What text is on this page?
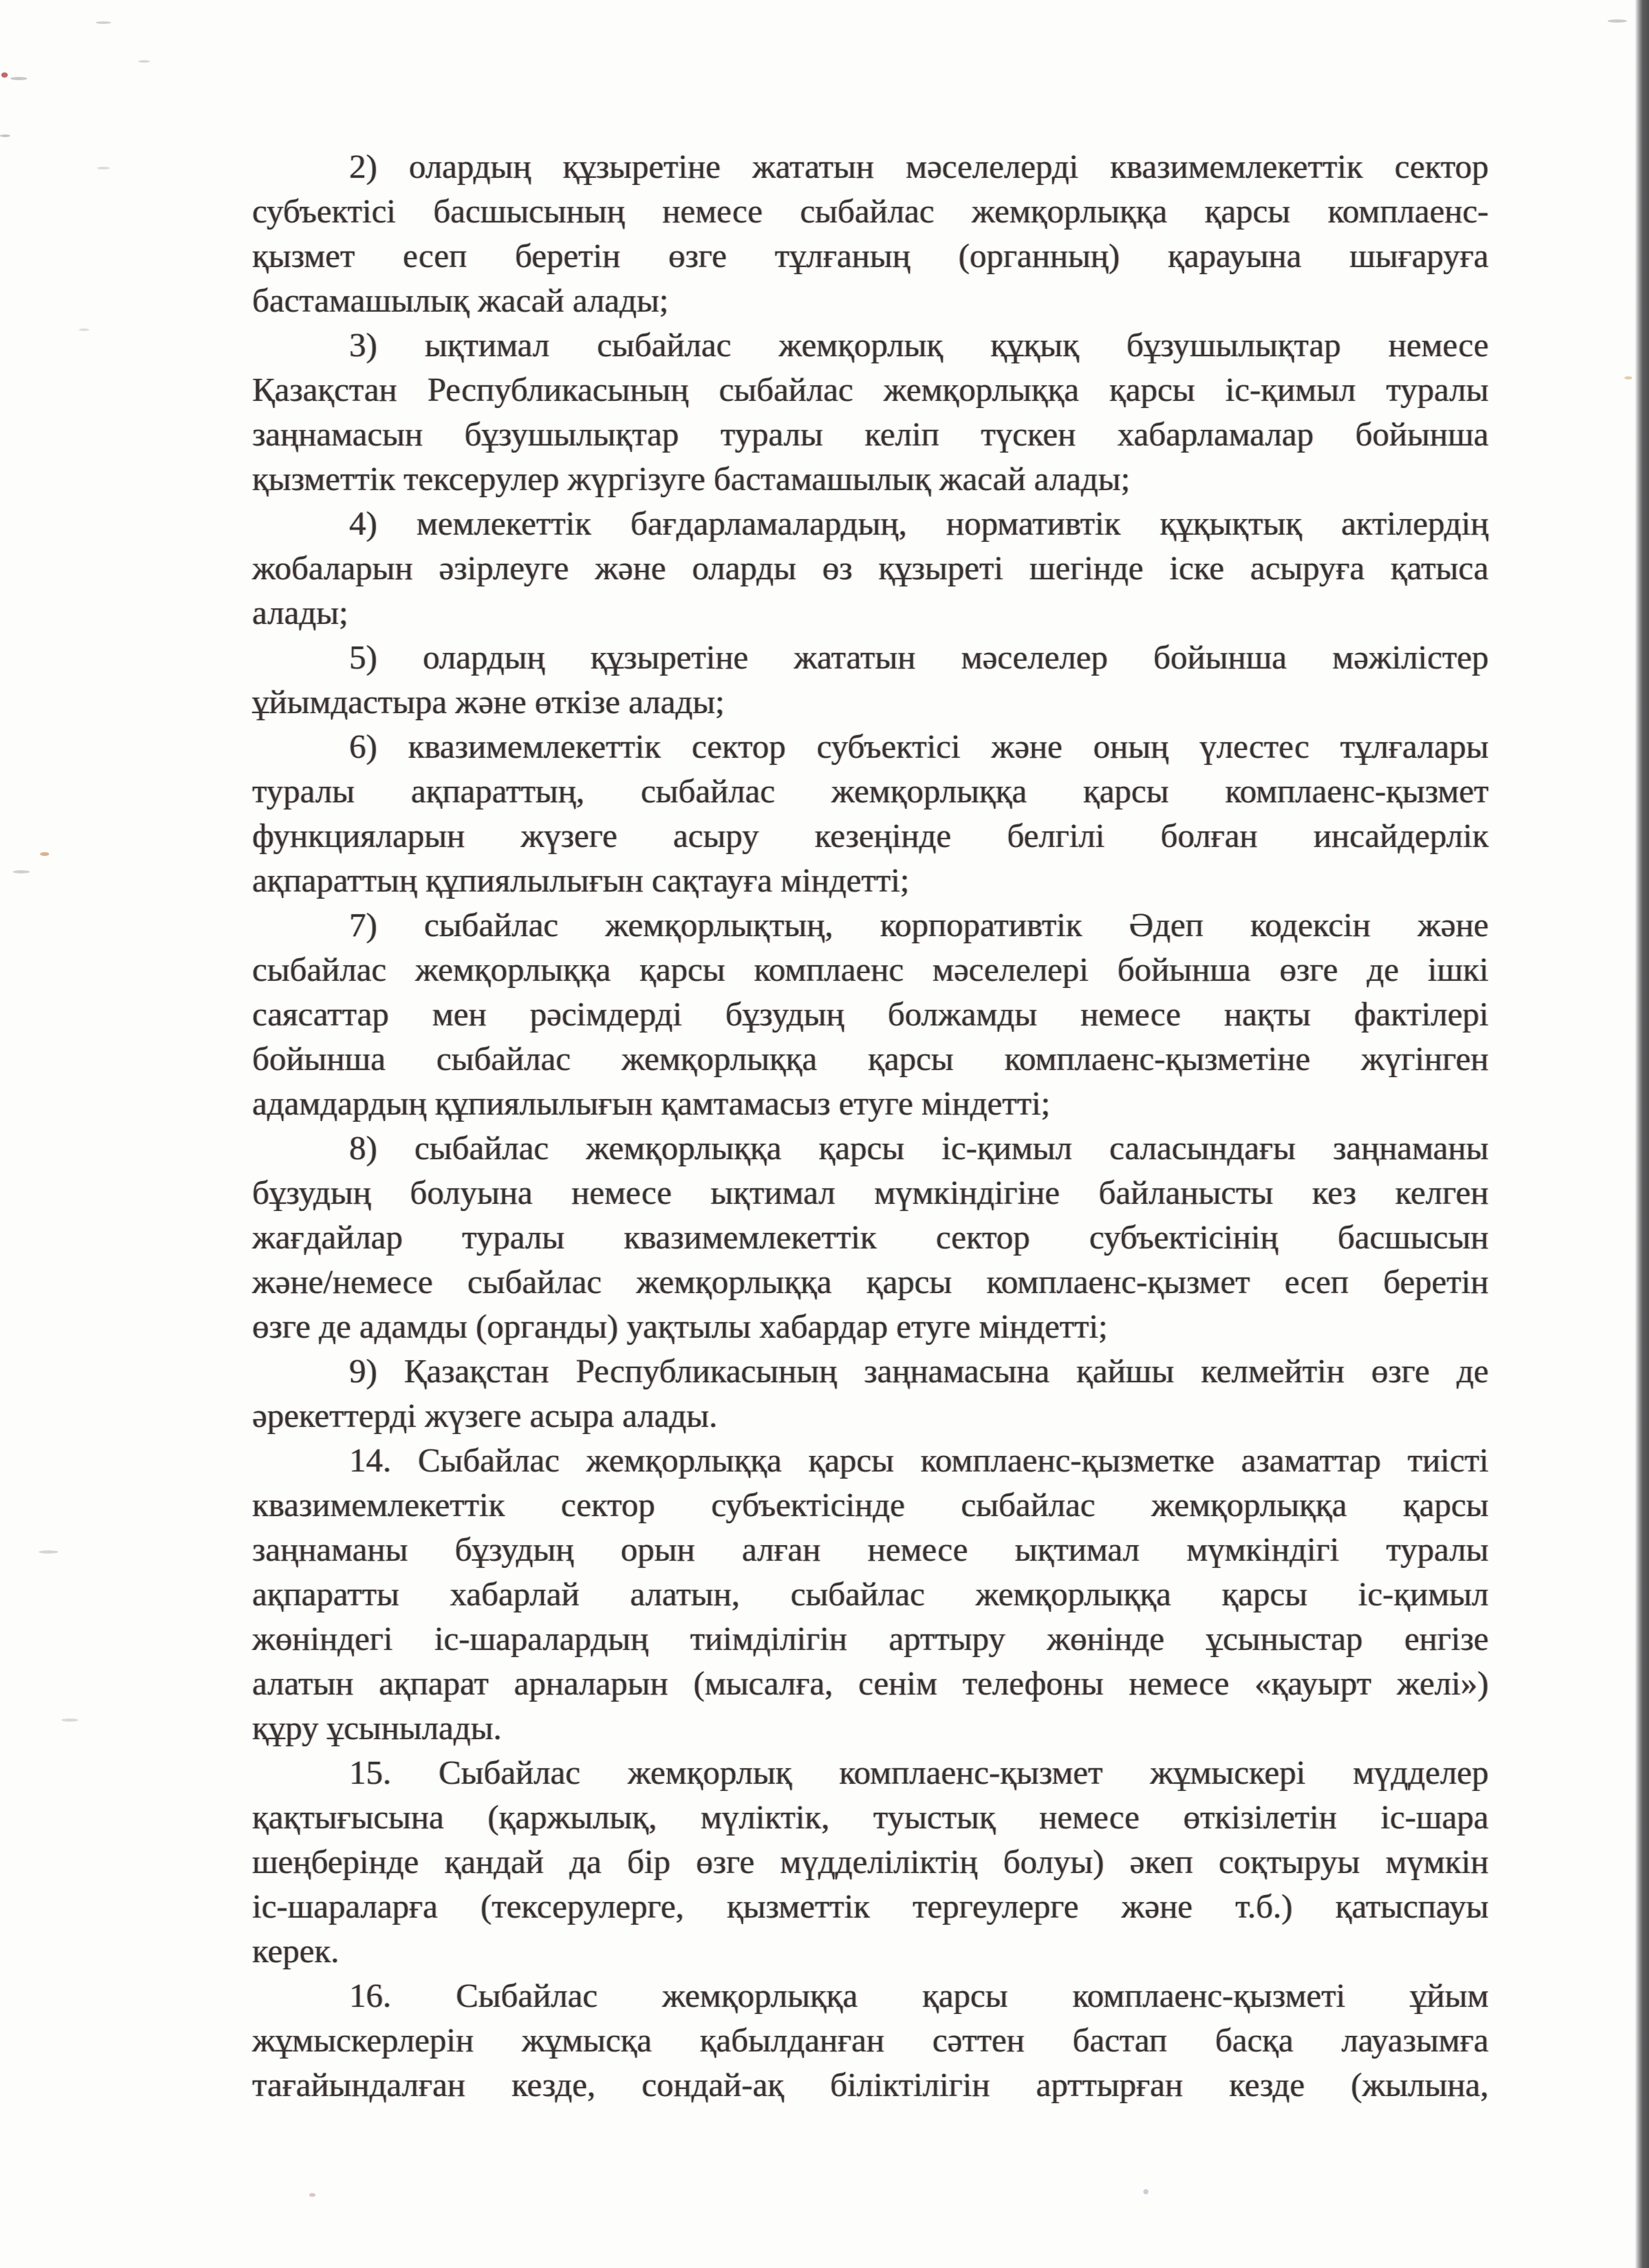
2) олардың құзыретіне жататын мәселелерді квазимемлекеттік сектор
субъектісі басшысының немесе сыбайлас жемқорлыққа қарсы комплаенс-
қызмет есеп беретін өзге тұлғаның (органның) қарауына шығаруға
бастамашылық жасай алады;
3) ықтимал сыбайлас жемқорлық құқық бұзушылықтар немесе
Қазақстан Республикасының сыбайлас жемқорлыққа қарсы іс-қимыл туралы
заңнамасын бұзушылықтар туралы келіп түскен хабарламалар бойынша
қызметтік тексерулер жүргізуге бастамашылық жасай алады;
4) мемлекеттік бағдарламалардың, нормативтік құқықтық актілердің
жобаларын әзірлеуге және оларды өз құзыреті шегінде іске асыруға қатыса
алады;
5) олардың құзыретіне жататын мәселелер бойынша мәжілістер
ұйымдастыра және өткізе алады;
6) квазимемлекеттік сектор субъектісі және оның үлестес тұлғалары
туралы ақпараттың, сыбайлас жемқорлыққа қарсы комплаенс-қызмет
функцияларын жүзеге асыру кезеңінде белгілі болған инсайдерлік
ақпараттың құпиялылығын сақтауға міндетті;
7) сыбайлас жемқорлықтың, корпоративтік Әдеп кодексін және
сыбайлас жемқорлыққа қарсы комплаенс мәселелері бойынша өзге де ішкі
саясаттар мен рәсімдерді бұзудың болжамды немесе нақты фактілері
бойынша сыбайлас жемқорлыққа қарсы комплаенс-қызметіне жүгінген
адамдардың құпиялылығын қамтамасыз етуге міндетті;
8) сыбайлас жемқорлыққа қарсы іс-қимыл саласындағы заңнаманы
бұзудың болуына немесе ықтимал мүмкіндігіне байланысты кез келген
жағдайлар туралы квазимемлекеттік сектор субъектісінің басшысын
және/немесе сыбайлас жемқорлыққа қарсы комплаенс-қызмет есеп беретін
өзге де адамды (органды) уақтылы хабардар етуге міндетті;
9) Қазақстан Республикасының заңнамасына қайшы келмейтін өзге де
әрекеттерді жүзеге асыра алады.
14. Сыбайлас жемқорлыққа қарсы комплаенс-қызметке азаматтар тиісті
квазимемлекеттік сектор субъектісінде сыбайлас жемқорлыққа қарсы
заңнаманы бұзудың орын алған немесе ықтимал мүмкіндігі туралы
ақпаратты хабарлай алатын, сыбайлас жемқорлыққа қарсы іс-қимыл
жөніндегі іс-шаралардың тиімділігін арттыру жөнінде ұсыныстар енгізе
алатын ақпарат арналарын (мысалға, сенім телефоны немесе «қауырт желі»)
құру ұсынылады.
15. Сыбайлас жемқорлық комплаенс-қызмет жұмыскері мүдделер
қақтығысына (қаржылық, мүліктік, туыстық немесе өткізілетін іс-шара
шеңберінде қандай да бір өзге мүдделіліктің болуы) әкеп соқтыруы мүмкін
іс-шараларға (тексерулерге, қызметтік тергеулерге және т.б.) қатыспауы
керек.
16. Сыбайлас жемқорлыққа қарсы комплаенс-қызметі ұйым
жұмыскерлерін жұмысқа қабылданған сәттен бастап басқа лауазымға
тағайындалған кезде, сондай-ақ біліктілігін арттырған кезде (жылына,
